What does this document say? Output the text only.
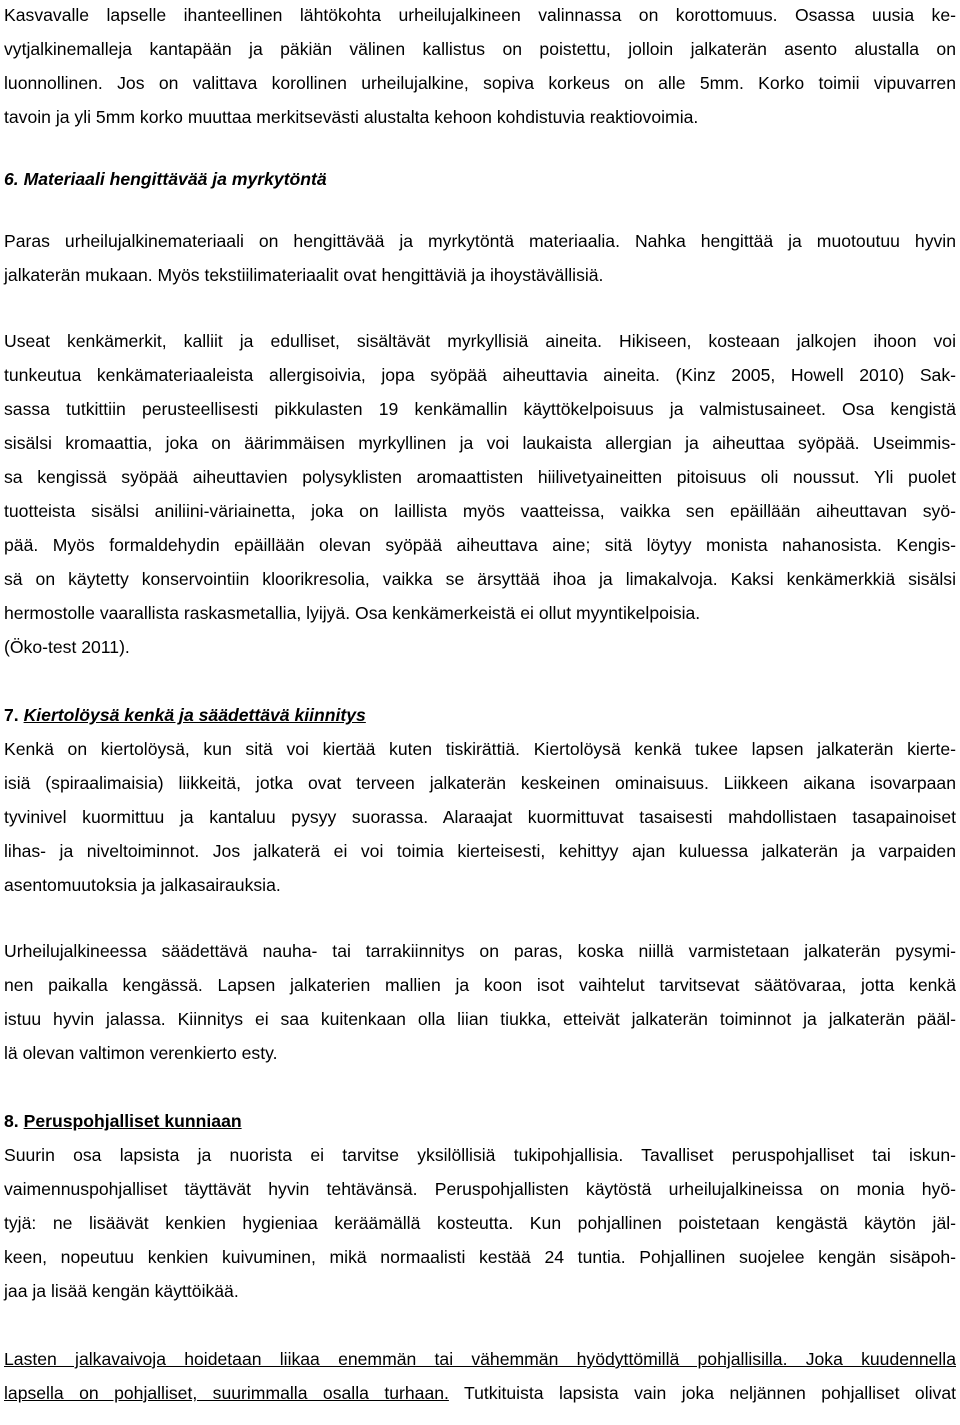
Kasvavalle lapselle ihanteellinen lähtökohta urheilujalkineen valinnassa on korottomuus. Osassa uusia ke-
vytjalkinemalleja kantapään ja päkiän välinen kallistus on poistettu, jolloin jalkaterän asento alustalla on
luonnollinen. Jos on valittava korollinen urheilujalkine, sopiva korkeus on alle 5mm. Korko toimii vipuvarren
tavoin ja yli 5mm korko muuttaa merkitsevästi alustalta kehoon kohdistuvia reaktiovoimia.
6. Materiaali hengittävää ja myrkytöntä
Paras urheilujalkinemateriaali on hengittävää ja myrkytöntä materiaalia. Nahka hengittää ja muotoutuu hyvin
jalkaterän mukaan. Myös tekstiilimateriaalit ovat hengittäviä ja ihoystävällisiä.
Useat kenkämerkit, kalliit ja edulliset, sisältävät myrkyllisiä aineita. Hikiseen, kosteaan jalkojen ihoon voi
tunkeutua kenkämateriaaleista allergisoivia, jopa syöpää aiheuttavia aineita. (Kinz 2005, Howell 2010) Sak-
sassa tutkittiin perusteellisesti pikkulasten 19 kenkämallin käyttökelpoisuus ja valmistusaineet. Osa kengistä
sisälsi kromaattia, joka on äärimmäisen myrkyllinen ja voi laukaista allergian ja aiheuttaa syöpää. Useimmis-
sa kengissä syöpää aiheuttavien polysyklisten aromaattisten hiilivetyaineitten pitoisuus oli noussut. Yli puolet
tuotteista sisälsi aniliini-väriainetta, joka on laillista myös vaatteissa, vaikka sen epäillään aiheuttavan syö-
pää. Myös formaldehydin epäillään olevan syöpää aiheuttava aine; sitä löytyy monista nahanosista. Kengis-
sä on käytetty konservointiin kloorikresolia, vaikka se ärsyttää ihoa ja limakalvoja. Kaksi kenkämerkkiä sisälsi
hermostolle vaarallista raskasmetallia, lyijyä. Osa kenkämerkeistä ei ollut myyntikelpoisia.
(Öko-test 2011).
7. Kiertolöysä kenkä ja säädettävä kiinnitys
Kenkä on kiertolöysä, kun sitä voi kiertää kuten tiskirättiä. Kiertolöysä kenkä tukee lapsen jalkaterän kierte-
isiä (spiraalimaisia) liikkeitä, jotka ovat terveen jalkaterän keskeinen ominaisuus. Liikkeen aikana isovarpaan
tyvinivel kuormittuu ja kantaluu pysyy suorassa. Alaraajat kuormittuvat tasaisesti mahdollistaen tasapainoiset
lihas- ja niveltoiminnot. Jos jalkaterä ei voi toimia kierteisesti, kehittyy ajan kuluessa jalkaterän ja varpaiden
asentomuutoksia ja jalkasairauksia.
Urheilujalkineessa säädettävä nauha- tai tarrakiinnitys on paras, koska niillä varmistetaan jalkaterän pysymi-
nen paikalla kengässä. Lapsen jalkaterien mallien ja koon isot vaihtelut tarvitsevat säätövaraa, jotta kenkä
istuu hyvin jalassa. Kiinnitys ei saa kuitenkaan olla liian tiukka, etteivät jalkaterän toiminnot ja jalkaterän pääl-
lä olevan valtimon verenkierto esty.
8. Peruspohjalliset kunniaan
Suurin osa lapsista ja nuorista ei tarvitse yksilöllisiä tukipohjallisia. Tavalliset peruspohjalliset tai iskun-
vaimennuspohjalliset täyttävät hyvin tehtävänsä. Peruspohjallisten käytöstä urheilujalkineissa on monia hyö-
tyjä: ne lisäävät kenkien hygieniaa keräämällä kosteutta. Kun pohjallinen poistetaan kengästä käytön jäl-
keen, nopeutuu kenkien kuivuminen, mikä normaalisti kestää 24 tuntia. Pohjallinen suojelee kengän sisäpoh-
jaa ja lisää kengän käyttöikää.
Lasten jalkavaivoja hoidetaan liikaa enemmän tai vähemmän hyödyttömillä pohjallisilla. Joka kuudennella
lapsella on pohjalliset, suurimmalla osalla turhaan. Tutkituista lapsista vain joka neljännen pohjalliset olivat
